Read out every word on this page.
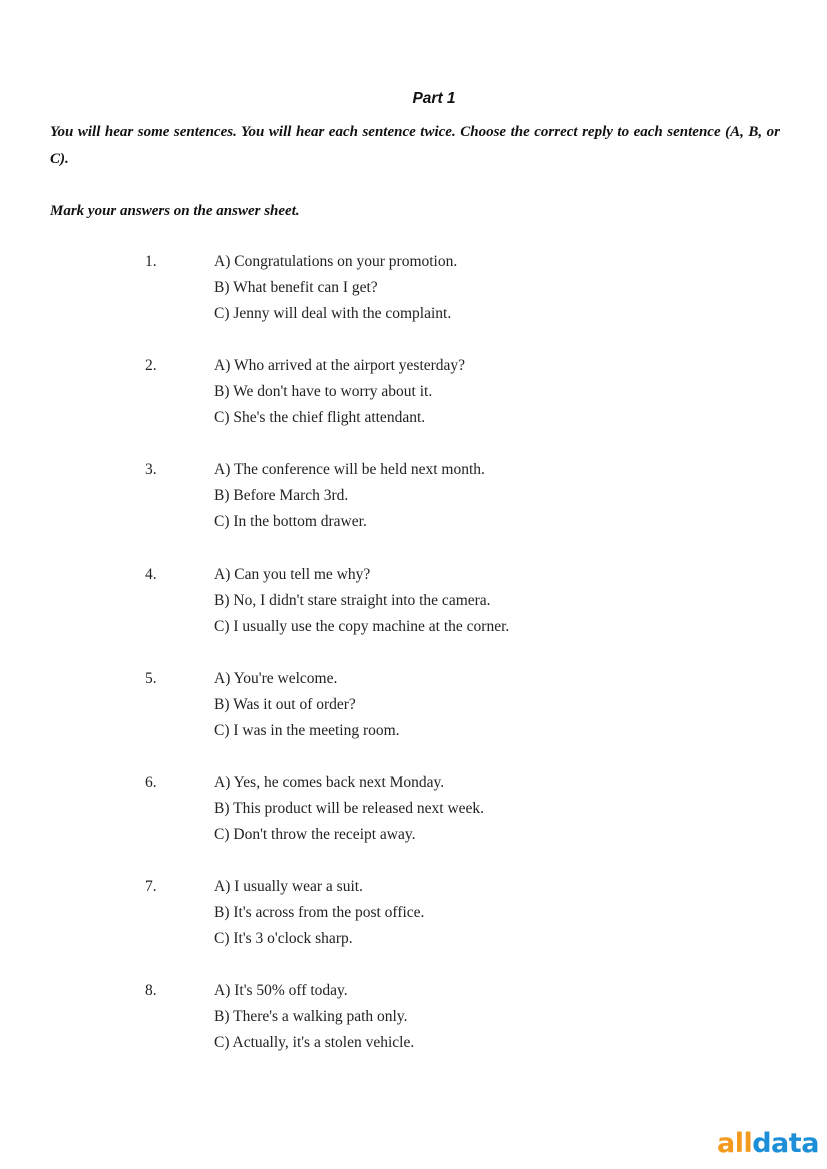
Part 1
You will hear some sentences. You will hear each sentence twice. Choose the correct reply to each sentence (A, B, or C).
Mark your answers on the answer sheet.
1.	A) Congratulations on your promotion.
B) What benefit can I get?
C) Jenny will deal with the complaint.
2.	A) Who arrived at the airport yesterday?
B) We don't have to worry about it.
C) She's the chief flight attendant.
3.	A) The conference will be held next month.
B) Before March 3rd.
C) In the bottom drawer.
4.	A) Can you tell me why?
B) No, I didn't stare straight into the camera.
C) I usually use the copy machine at the corner.
5.	A) You're welcome.
B) Was it out of order?
C) I was in the meeting room.
6.	A) Yes, he comes back next Monday.
B) This product will be released next week.
C) Don't throw the receipt away.
7.	A) I usually wear a suit.
B) It's across from the post office.
C) It's 3 o'clock sharp.
8.	A) It's 50% off today.
B) There's a walking path only.
C) Actually, it's a stolen vehicle.
alldata
